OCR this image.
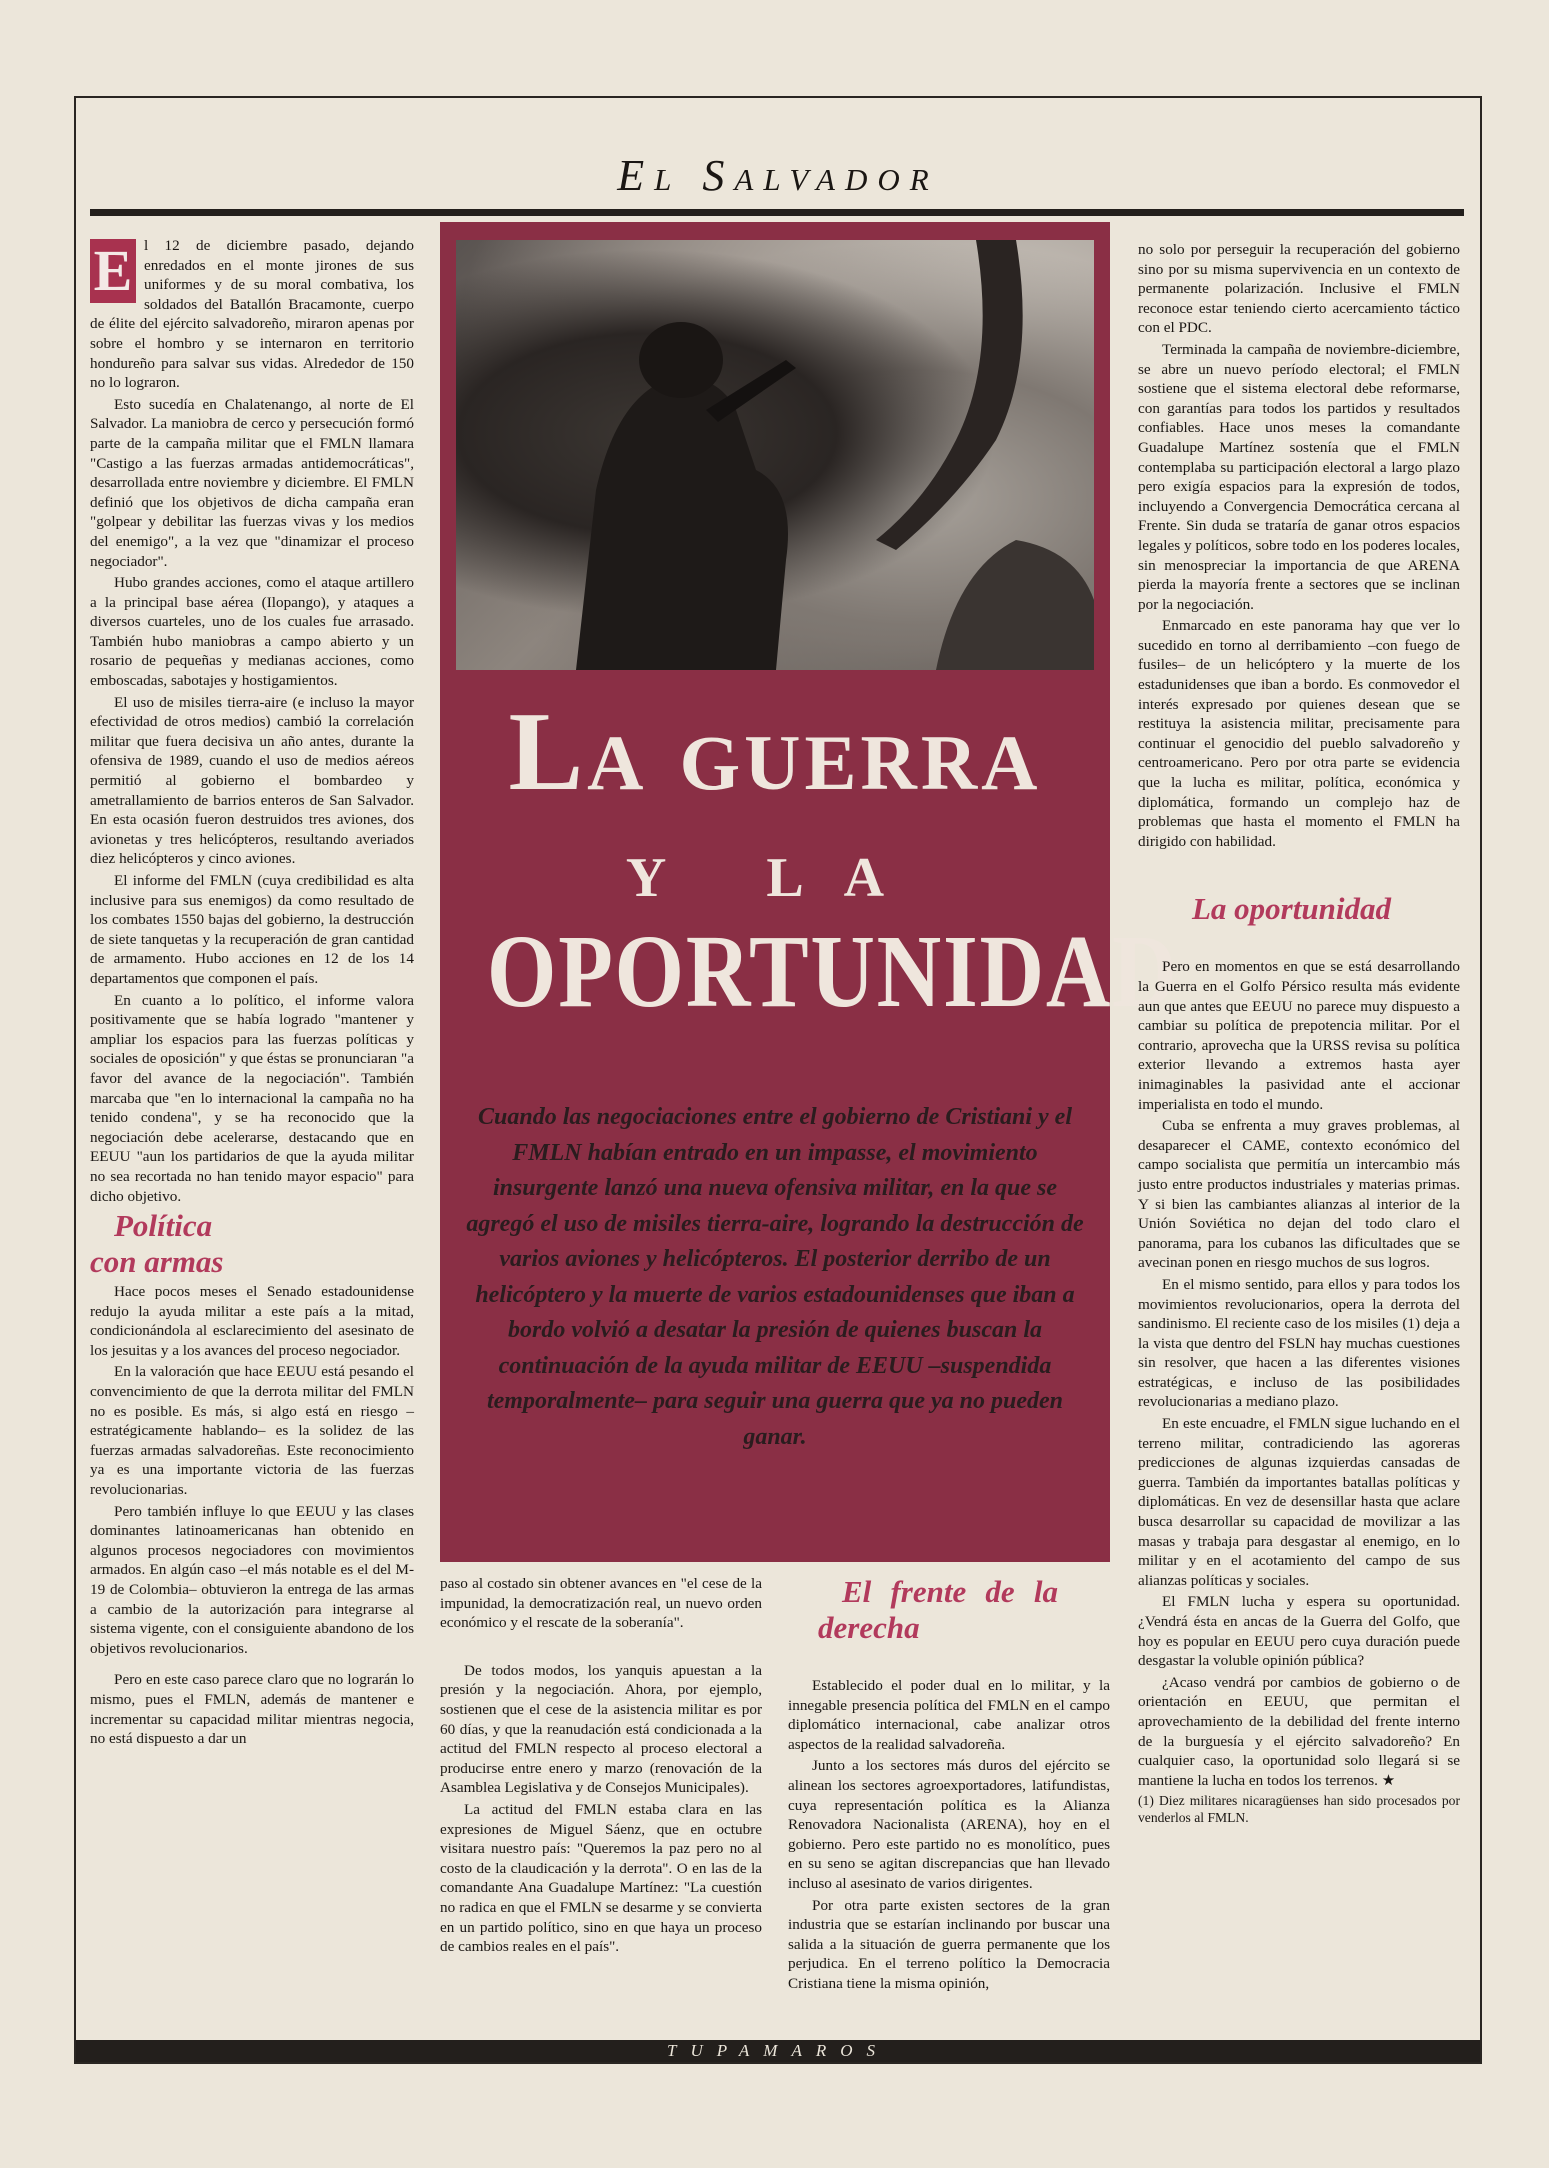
El Salvador

E l 12 de diciembre pasado, dejando enredados en el monte jirones de sus uniformes y de su moral combativa, los soldados del Batallón Bracamonte, cuerpo de élite del ejército salvadoreño, miraron apenas por sobre el hombro y se internaron en territorio hondureño para salvar sus vidas. Alrededor de 150 no lo lograron.

Esto sucedía en Chalatenango, al norte de El Salvador. La maniobra de cerco y persecución formó parte de la campaña militar que el FMLN llamara "Castigo a las fuerzas armadas antidemocráticas", desarrollada entre noviembre y diciembre. El FMLN definió que los objetivos de dicha campaña eran "golpear y debilitar las fuerzas vivas y los medios del enemigo", a la vez que "dinamizar el proceso negociador".

Hubo grandes acciones, como el ataque artillero a la principal base aérea (Ilopango), y ataques a diversos cuarteles, uno de los cuales fue arrasado. También hubo maniobras a campo abierto y un rosario de pequeñas y medianas acciones, como emboscadas, sabotajes y hostigamientos.

El uso de misiles tierra-aire (e incluso la mayor efectividad de otros medios) cambió la correlación militar que fuera decisiva un año antes, durante la ofensiva de 1989, cuando el uso de medios aéreos permitió al gobierno el bombardeo y ametrallamiento de barrios enteros de San Salvador. En esta ocasión fueron destruidos tres aviones, dos avionetas y tres helicópteros, resultando averiados diez helicópteros y cinco aviones.

El informe del FMLN (cuya credibilidad es alta inclusive para sus enemigos) da como resultado de los combates 1550 bajas del gobierno, la destrucción de siete tanquetas y la recuperación de gran cantidad de armamento. Hubo acciones en 12 de los 14 departamentos que componen el país.

En cuanto a lo político, el informe valora positivamente que se había logrado "mantener y ampliar los espacios para las fuerzas políticas y sociales de oposición" y que éstas se pronunciaran "a favor del avance de la negociación". También marcaba que "en lo internacional la campaña no ha tenido condena", y se ha reconocido que la negociación debe acelerarse, destacando que en EEUU "aun los partidarios de que la ayuda militar no sea recortada no han tenido mayor espacio" para dicho objetivo.

Política con armas

Hace pocos meses el Senado estadounidense redujo la ayuda militar a este país a la mitad, condicionándola al esclarecimiento del asesinato de los jesuitas y a los avances del proceso negociador.

En la valoración que hace EEUU está pesando el convencimiento de que la derrota militar del FMLN no es posible. Es más, si algo está en riesgo –estratégicamente hablando– es la solidez de las fuerzas armadas salvadoreñas. Este reconocimiento ya es una importante victoria de las fuerzas revolucionarias.

Pero también influye lo que EEUU y las clases dominantes latinoamericanas han obtenido en algunos procesos negociadores con movimientos armados. En algún caso –el más notable es el del M-19 de Colombia– obtuvieron la entrega de las armas a cambio de la autorización para integrarse al sistema vigente, con el consiguiente abandono de los objetivos revolucionarios.

Pero en este caso parece claro que no lograrán lo mismo, pues el FMLN, además de mantener e incrementar su capacidad militar mientras negocia, no está dispuesto a dar un

La guerra
y la
OPORTUNIDAD
Cuando las negociaciones entre el gobierno de Cristiani y el FMLN habían entrado en un impasse, el movimiento insurgente lanzó una nueva ofensiva militar, en la que se agregó el uso de misiles tierra-aire, logrando la destrucción de varios aviones y helicópteros. El posterior derribo de un helicóptero y la muerte de varios estadounidenses que iban a bordo volvió a desatar la presión de quienes buscan la continuación de la ayuda militar de EEUU –suspendida temporalmente– para seguir una guerra que ya no pueden ganar.

paso al costado sin obtener avances en "el cese de la impunidad, la democratización real, un nuevo orden económico y el rescate de la soberanía".

De todos modos, los yanquis apuestan a la presión y la negociación. Ahora, por ejemplo, sostienen que el cese de la asistencia militar es por 60 días, y que la reanudación está condicionada a la actitud del FMLN respecto al proceso electoral a producirse entre enero y marzo (renovación de la Asamblea Legislativa y de Consejos Municipales).

La actitud del FMLN estaba clara en las expresiones de Miguel Sáenz, que en octubre visitara nuestro país: "Queremos la paz pero no al costo de la claudicación y la derrota". O en las de la comandante Ana Guadalupe Martínez: "La cuestión no radica en que el FMLN se desarme y se convierta en un partido político, sino en que haya un proceso de cambios reales en el país".

El frente de la derecha

Establecido el poder dual en lo militar, y la innegable presencia política del FMLN en el campo diplomático internacional, cabe analizar otros aspectos de la realidad salvadoreña.

Junto a los sectores más duros del ejército se alinean los sectores agroexportadores, latifundistas, cuya representación política es la Alianza Renovadora Nacionalista (ARENA), hoy en el gobierno. Pero este partido no es monolítico, pues en su seno se agitan discrepancias que han llevado incluso al asesinato de varios dirigentes.

Por otra parte existen sectores de la gran industria que se estarían inclinando por buscar una salida a la situación de guerra permanente que los perjudica. En el terreno político la Democracia Cristiana tiene la misma opinión,

no solo por perseguir la recuperación del gobierno sino por su misma supervivencia en un contexto de permanente polarización. Inclusive el FMLN reconoce estar teniendo cierto acercamiento táctico con el PDC.

Terminada la campaña de noviembre-diciembre, se abre un nuevo período electoral; el FMLN sostiene que el sistema electoral debe reformarse, con garantías para todos los partidos y resultados confiables. Hace unos meses la comandante Guadalupe Martínez sostenía que el FMLN contemplaba su participación electoral a largo plazo pero exigía espacios para la expresión de todos, incluyendo a Convergencia Democrática cercana al Frente. Sin duda se trataría de ganar otros espacios legales y políticos, sobre todo en los poderes locales, sin menospreciar la importancia de que ARENA pierda la mayoría frente a sectores que se inclinan por la negociación.

Enmarcado en este panorama hay que ver lo sucedido en torno al derribamiento –con fuego de fusiles– de un helicóptero y la muerte de los estadunidenses que iban a bordo. Es conmovedor el interés expresado por quienes desean que se restituya la asistencia militar, precisamente para continuar el genocidio del pueblo salvadoreño y centroamericano. Pero por otra parte se evidencia que la lucha es militar, política, económica y diplomática, formando un complejo haz de problemas que hasta el momento el FMLN ha dirigido con habilidad.

La oportunidad

Pero en momentos en que se está desarrollando la Guerra en el Golfo Pérsico resulta más evidente aun que antes que EEUU no parece muy dispuesto a cambiar su política de prepotencia militar. Por el contrario, aprovecha que la URSS revisa su política exterior llevando a extremos hasta ayer inimaginables la pasividad ante el accionar imperialista en todo el mundo.

Cuba se enfrenta a muy graves problemas, al desaparecer el CAME, contexto económico del campo socialista que permitía un intercambio más justo entre productos industriales y materias primas. Y si bien las cambiantes alianzas al interior de la Unión Soviética no dejan del todo claro el panorama, para los cubanos las dificultades que se avecinan ponen en riesgo muchos de sus logros.

En el mismo sentido, para ellos y para todos los movimientos revolucionarios, opera la derrota del sandinismo. El reciente caso de los misiles (1) deja a la vista que dentro del FSLN hay muchas cuestiones sin resolver, que hacen a las diferentes visiones estratégicas, e incluso de las posibilidades revolucionarias a mediano plazo.

En este encuadre, el FMLN sigue luchando en el terreno militar, contradiciendo las agoreras predicciones de algunas izquierdas cansadas de guerra. También da importantes batallas políticas y diplomáticas. En vez de desensillar hasta que aclare busca desarrollar su capacidad de movilizar a las masas y trabaja para desgastar al enemigo, en lo militar y en el acotamiento del campo de sus alianzas políticas y sociales.

El FMLN lucha y espera su oportunidad. ¿Vendrá ésta en ancas de la Guerra del Golfo, que hoy es popular en EEUU pero cuya duración puede desgastar la voluble opinión pública?

¿Acaso vendrá por cambios de gobierno o de orientación en EEUU, que permitan el aprovechamiento de la debilidad del frente interno de la burguesía y el ejército salvadoreño? En cualquier caso, la oportunidad solo llegará si se mantiene la lucha en todos los terrenos. ★

(1) Diez militares nicaragüenses han sido procesados por venderlos al FMLN.

TUPAMAROS
